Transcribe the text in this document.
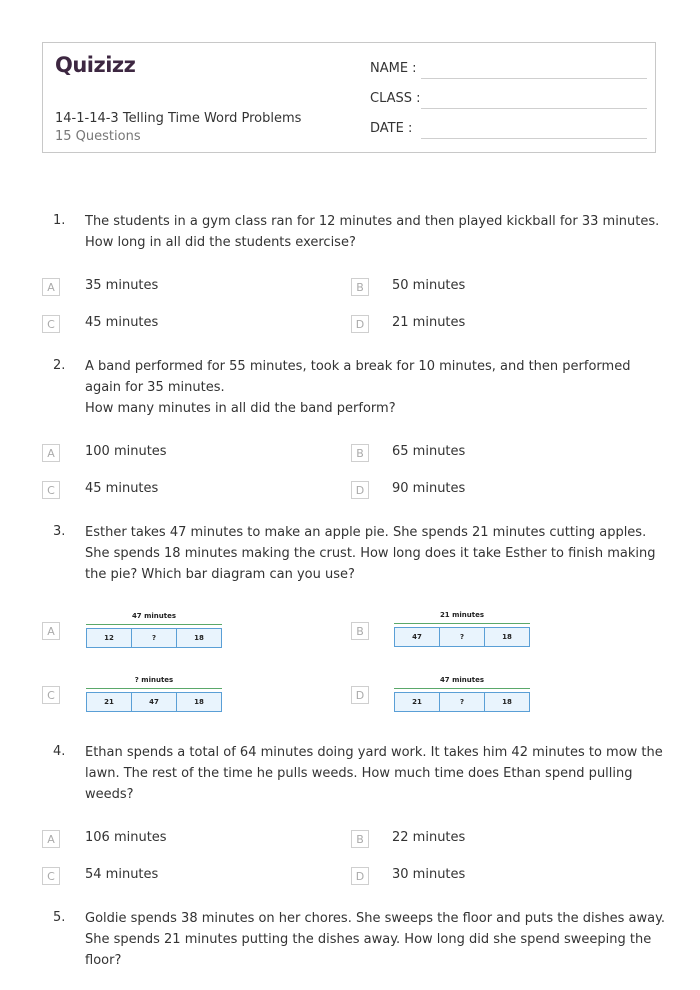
Quizizz
14-1-14-3 Telling Time Word Problems
15 Questions
NAME :
CLASS :
DATE :
1. The students in a gym class ran for 12 minutes and then played kickball for 33 minutes.
How long in all did the students exercise?
A	35 minutes	B	50 minutes
C	45 minutes	D	21 minutes
2. A band performed for 55 minutes, took a break for 10 minutes, and then performed
again for 35 minutes.
How many minutes in all did the band perform?
A	100 minutes	B	65 minutes
C	45 minutes	D	90 minutes
3. Esther takes 47 minutes to make an apple pie. She spends 21 minutes cutting apples.
She spends 18 minutes making the crust. How long does it take Esther to finish making
the pie? Which bar diagram can you use?
A
47 minutes
12	?	18	B
21 minutes
47	?	18
C
? minutes
21	47	18	D
47 minutes
21	?	18
4. Ethan spends a total of 64 minutes doing yard work. It takes him 42 minutes to mow the
lawn. The rest of the time he pulls weeds. How much time does Ethan spend pulling
weeds?
A	106 minutes	B	22 minutes
C	54 minutes	D	30 minutes
5. Goldie spends 38 minutes on her chores. She sweeps the floor and puts the dishes away.
She spends 21 minutes putting the dishes away. How long did she spend sweeping the
floor?
